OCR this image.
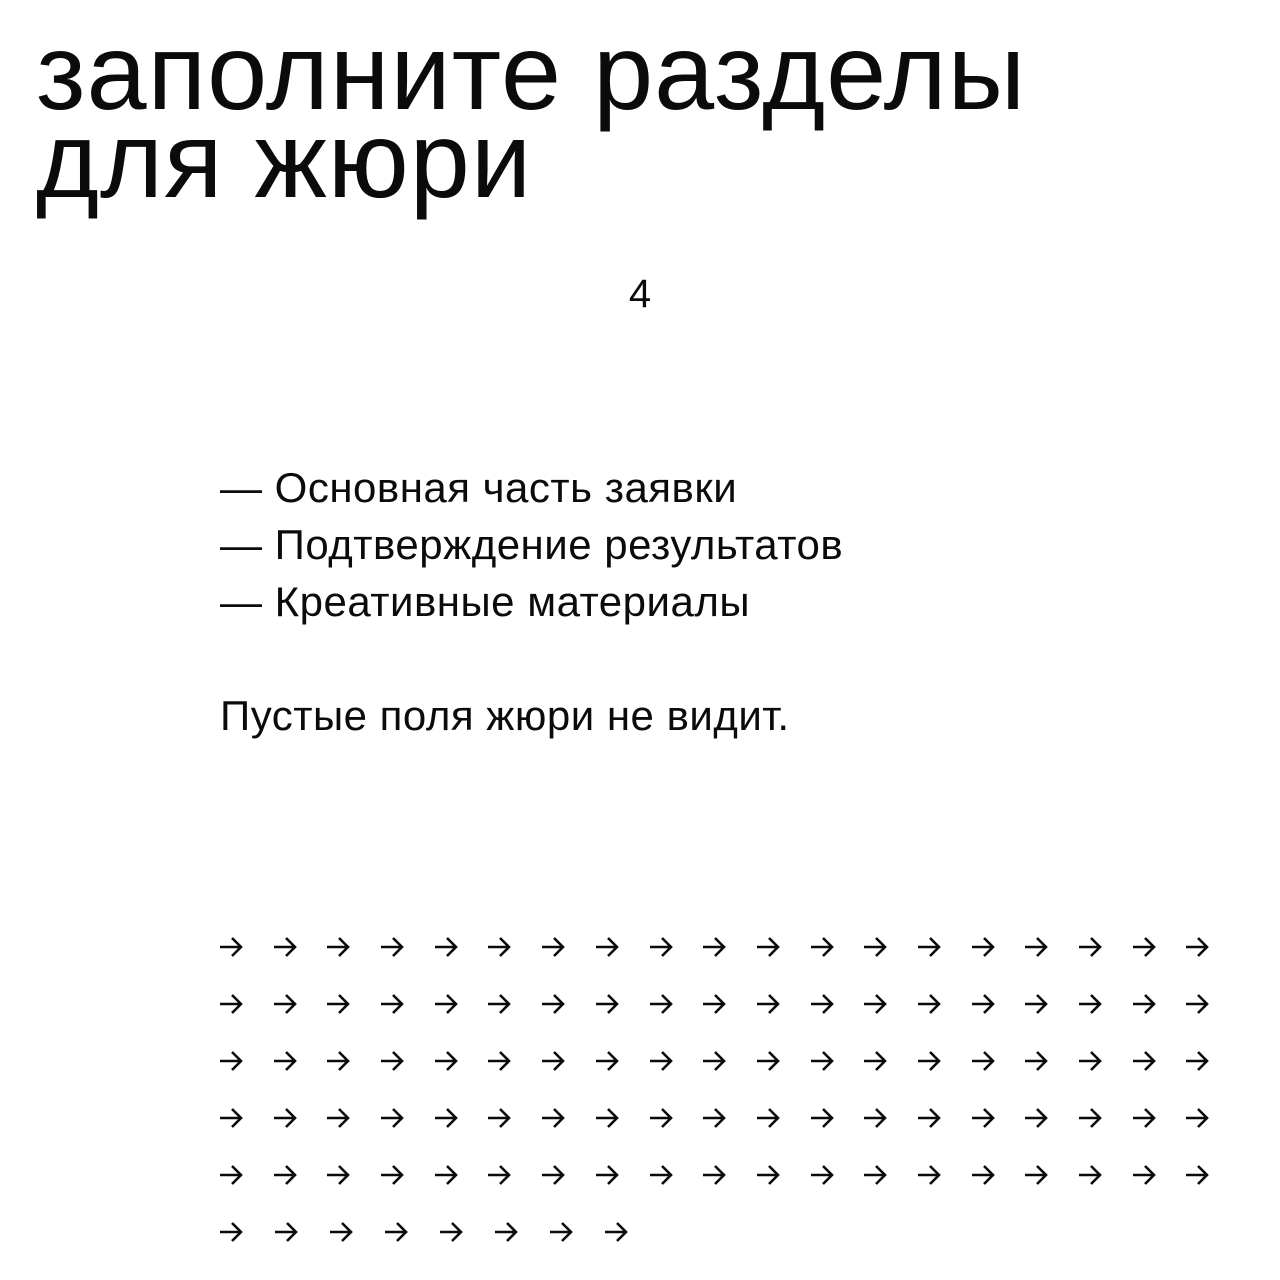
заполните разделы
для жюри
4
— Основная часть заявки
— Подтверждение результатов
— Креативные материалы

Пустые поля жюри не видит.
